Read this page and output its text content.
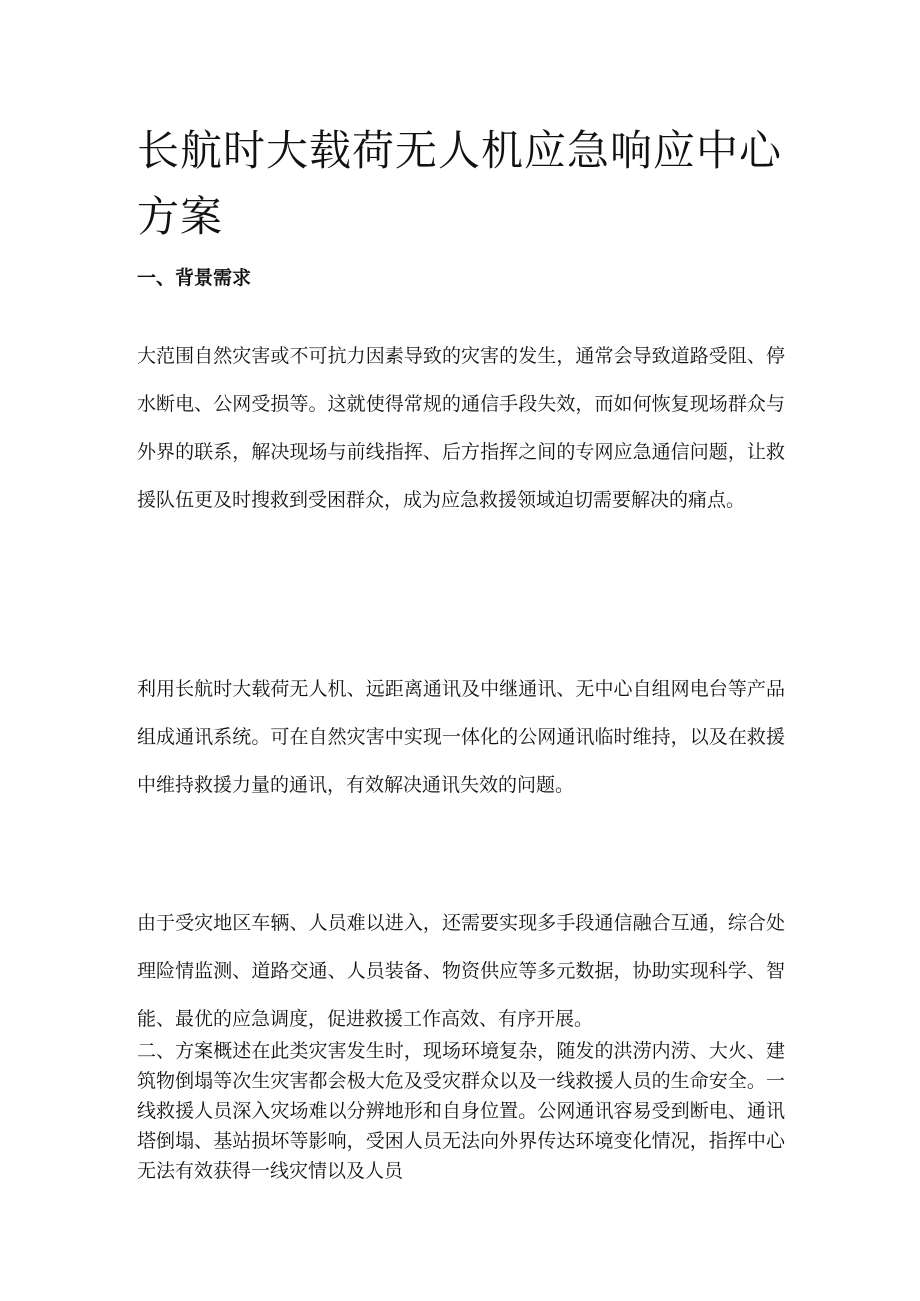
长航时大载荷无人机应急响应中心方案
一、背景需求

大范围自然灾害或不可抗力因素导致的灾害的发生，通常会导致道路受阻、停水断电、公网受损等。这就使得常规的通信手段失效，而如何恢复现场群众与外界的联系，解决现场与前线指挥、后方指挥之间的专网应急通信问题，让救援队伍更及时搜救到受困群众，成为应急救援领域迫切需要解决的痛点。

利用长航时大载荷无人机、远距离通讯及中继通讯、无中心自组网电台等产品组成通讯系统。可在自然灾害中实现一体化的公网通讯临时维持，以及在救援中维持救援力量的通讯，有效解决通讯失效的问题。

由于受灾地区车辆、人员难以进入，还需要实现多手段通信融合互通，综合处理险情监测、道路交通、人员装备、物资供应等多元数据，协助实现科学、智能、最优的应急调度，促进救援工作高效、有序开展。

二、方案概述在此类灾害发生时，现场环境复杂，随发的洪涝内涝、大火、建筑物倒塌等次生灾害都会极大危及受灾群众以及一线救援人员的生命安全。一线救援人员深入灾场难以分辨地形和自身位置。公网通讯容易受到断电、通讯塔倒塌、基站损坏等影响，受困人员无法向外界传达环境变化情况，指挥中心无法有效获得一线灾情以及人员
